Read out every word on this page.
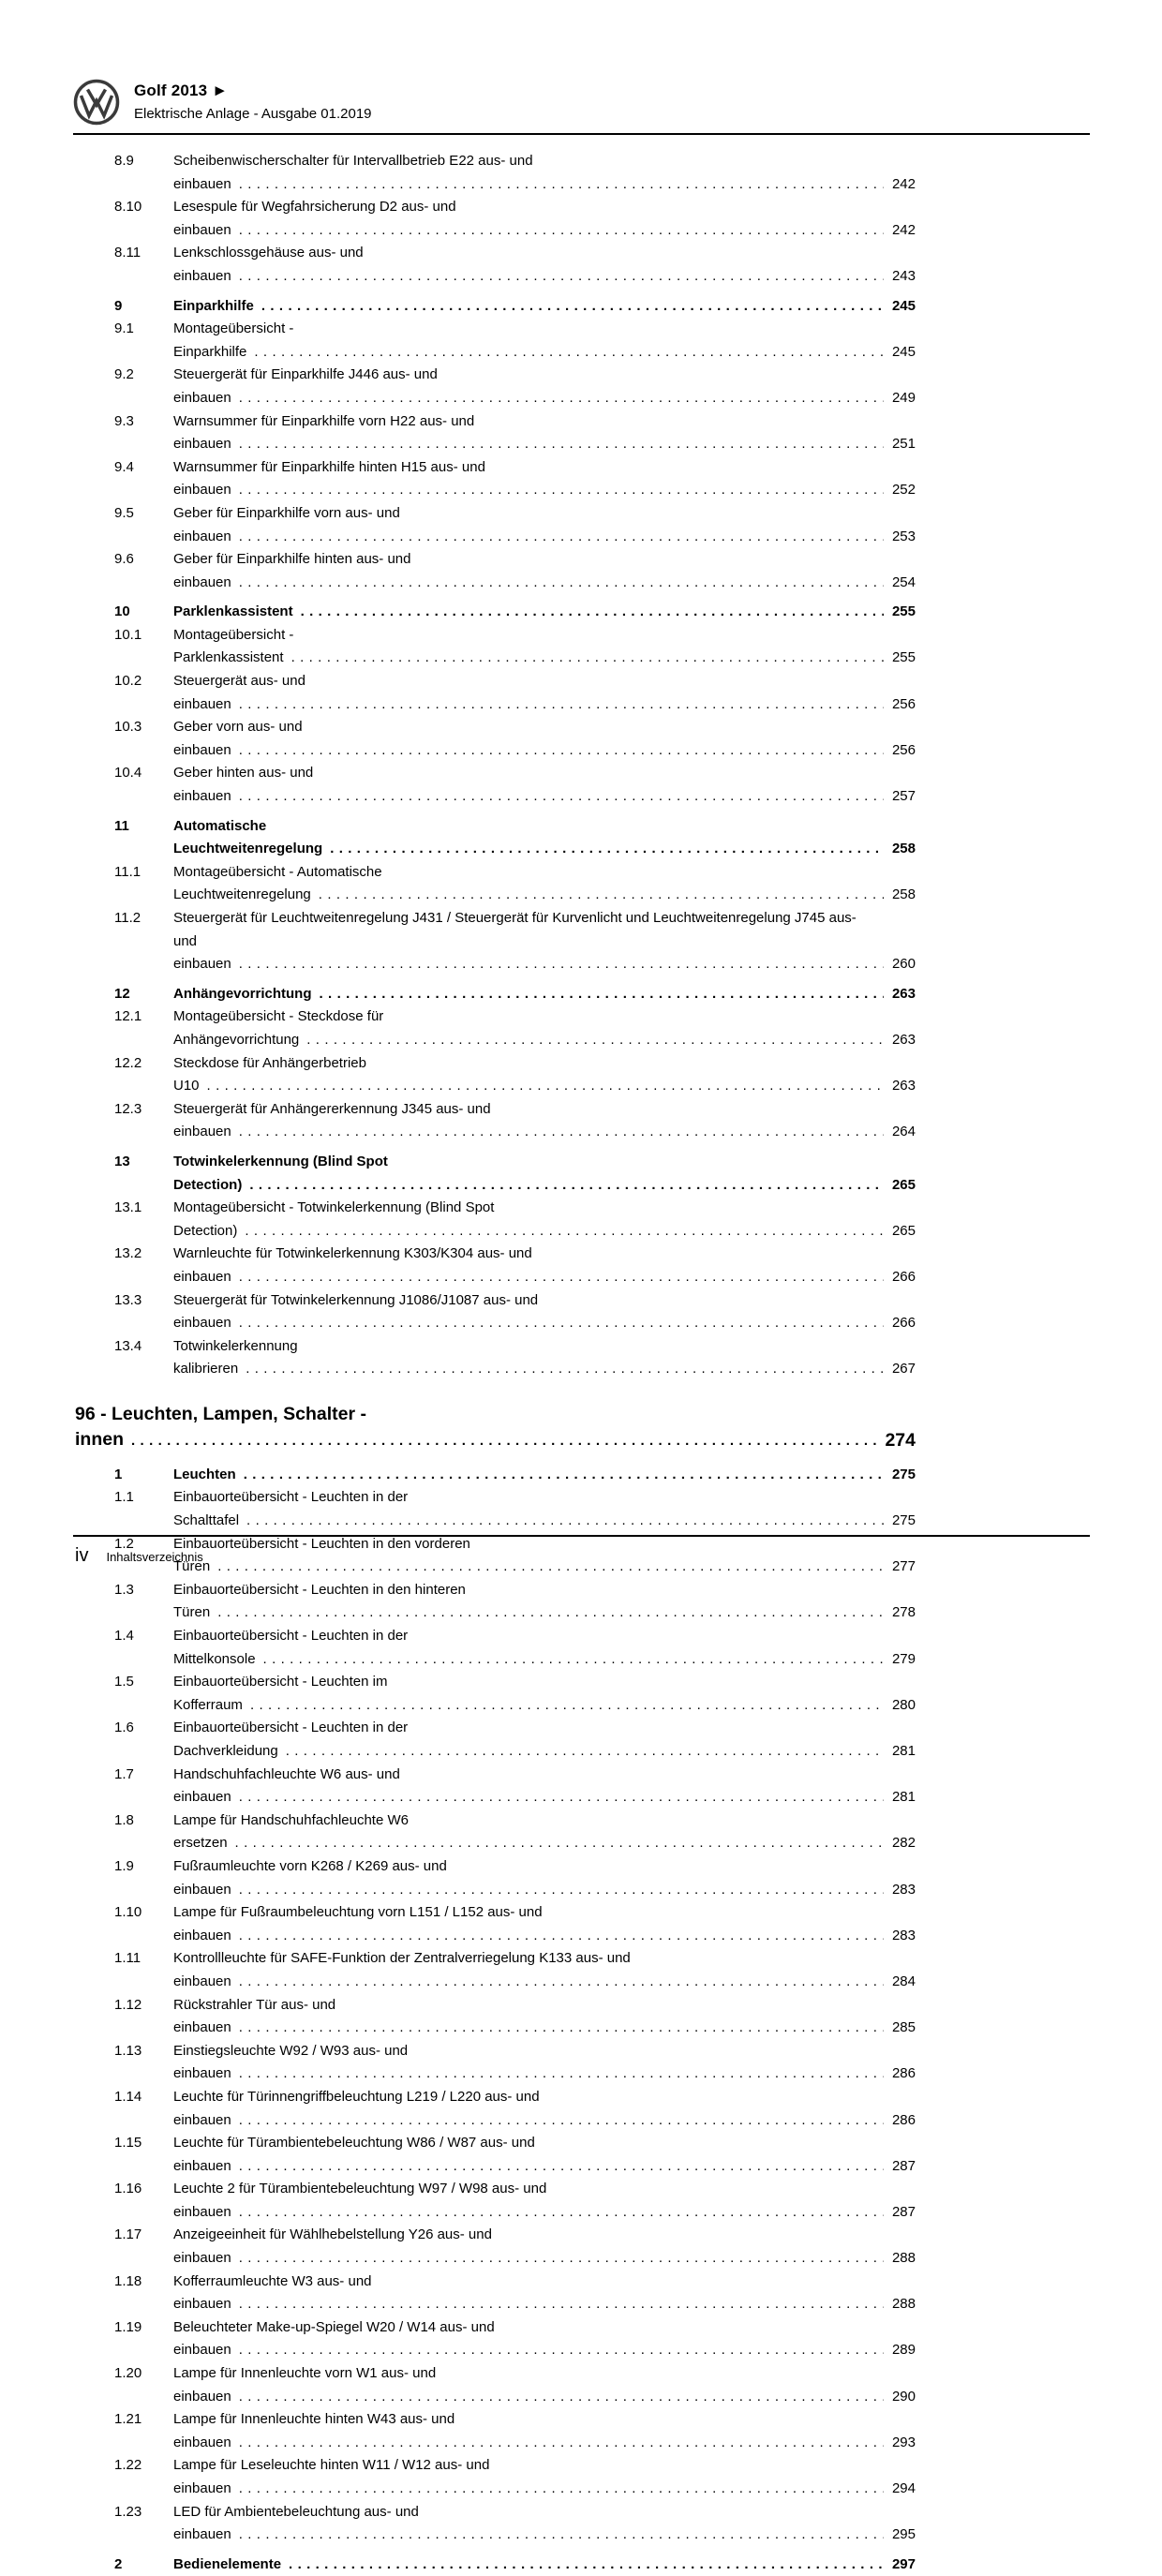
Golf 2013 ►
Elektrische Anlage - Ausgabe 01.2019
8.9	Scheibenwischerschalter für Intervallbetrieb E22 aus- und einbauen . . .	242
8.10	Lesespule für Wegfahrsicherung D2 aus- und einbauen . . .	242
8.11	Lenkschlossgehäuse aus- und einbauen . . .	243
9	Einparkhilfe . . .	245
9.1	Montageübersicht - Einparkhilfe . . .	245
9.2	Steuergerät für Einparkhilfe J446 aus- und einbauen . . .	249
9.3	Warnsummer für Einparkhilfe vorn H22 aus- und einbauen . . .	251
9.4	Warnsummer für Einparkhilfe hinten H15 aus- und einbauen . . .	252
9.5	Geber für Einparkhilfe vorn aus- und einbauen . . .	253
9.6	Geber für Einparkhilfe hinten aus- und einbauen . . .	254
10	Parklenkassistent . . .	255
10.1	Montageübersicht - Parklenkassistent . . .	255
10.2	Steuergerät aus- und einbauen . . .	256
10.3	Geber vorn aus- und einbauen . . .	256
10.4	Geber hinten aus- und einbauen . . .	257
11	Automatische Leuchtweitenregelung . . .	258
11.1	Montageübersicht - Automatische Leuchtweitenregelung . . .	258
11.2	Steuergerät für Leuchtweitenregelung J431 / Steuergerät für Kurvenlicht und Leuchtweitenregelung J745 aus- und einbauen . . .	260
12	Anhängevorrichtung . . .	263
12.1	Montageübersicht - Steckdose für Anhängevorrichtung . . .	263
12.2	Steckdose für Anhängerbetrieb U10 . . .	263
12.3	Steuergerät für Anhängererkennung J345 aus- und einbauen . . .	264
13	Totwinkelerkennung (Blind Spot Detection) . . .	265
13.1	Montageübersicht - Totwinkelerkennung (Blind Spot Detection) . . .	265
13.2	Warnleuchte für Totwinkelerkennung K303/K304 aus- und einbauen . . .	266
13.3	Steuergerät für Totwinkelerkennung J1086/J1087 aus- und einbauen . . .	266
13.4	Totwinkelerkennung kalibrieren . . .	267
96 - Leuchten, Lampen, Schalter - innen . . .	274
1	Leuchten . . .	275
1.1	Einbauorteübersicht - Leuchten in der Schalttafel . . .	275
1.2	Einbauorteübersicht - Leuchten in den vorderen Türen . . .	277
1.3	Einbauorteübersicht - Leuchten in den hinteren Türen . . .	278
1.4	Einbauorteübersicht - Leuchten in der Mittelkonsole . . .	279
1.5	Einbauorteübersicht - Leuchten im Kofferraum . . .	280
1.6	Einbauorteübersicht - Leuchten in der Dachverkleidung . . .	281
1.7	Handschuhfachleuchte W6 aus- und einbauen . . .	281
1.8	Lampe für Handschuhfachleuchte W6 ersetzen . . .	282
1.9	Fußraumleuchte vorn K268 / K269 aus- und einbauen . . .	283
1.10	Lampe für Fußraumbeleuchtung vorn L151 / L152 aus- und einbauen . . .	283
1.11	Kontrollleuchte für SAFE-Funktion der Zentralverriegelung K133 aus- und einbauen . . .	284
1.12	Rückstrahler Tür aus- und einbauen . . .	285
1.13	Einstiegsleuchte W92 / W93 aus- und einbauen . . .	286
1.14	Leuchte für Türinnengriffbeleuchtung L219 / L220 aus- und einbauen . . .	286
1.15	Leuchte für Türambientebeleuchtung W86 / W87 aus- und einbauen . . .	287
1.16	Leuchte 2 für Türambientebeleuchtung W97 / W98 aus- und einbauen . . .	287
1.17	Anzeigeeinheit für Wählhebelstellung Y26 aus- und einbauen . . .	288
1.18	Kofferraumleuchte W3 aus- und einbauen . . .	288
1.19	Beleuchteter Make-up-Spiegel W20 / W14 aus- und einbauen . . .	289
1.20	Lampe für Innenleuchte vorn W1 aus- und einbauen . . .	290
1.21	Lampe für Innenleuchte hinten W43 aus- und einbauen . . .	293
1.22	Lampe für Leseleuchte hinten W11 / W12 aus- und einbauen . . .	294
1.23	LED für Ambientebeleuchtung aus- und einbauen . . .	295
2	Bedienelemente . . .	297
iv Inhaltsverzeichnis
